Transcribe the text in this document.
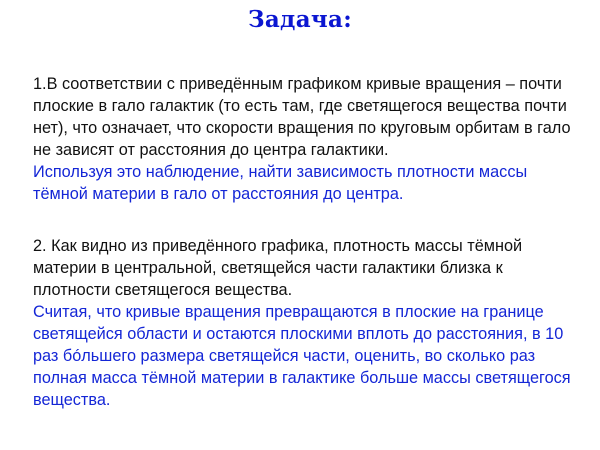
Задача:
1.В соответствии с приведённым графиком кривые вращения – почти плоские в гало галактик (то есть там, где светящегося вещества почти нет), что означает, что скорости вращения по круговым орбитам в гало не зависят от расстояния до центра галактики.
Используя это наблюдение, найти зависимость плотности массы тёмной материи в гало от расстояния до центра.
2. Как видно из приведённого графика, плотность массы тёмной материи в центральной, светящейся части галактики близка к плотности светящегося вещества.
Считая, что кривые вращения превращаются в плоские на границе светящейся области и остаются плоскими вплоть до расстояния, в 10 раз бóльшего размера светящейся части, оценить, во сколько раз полная масса тёмной материи в галактике больше массы светящегося вещества.
